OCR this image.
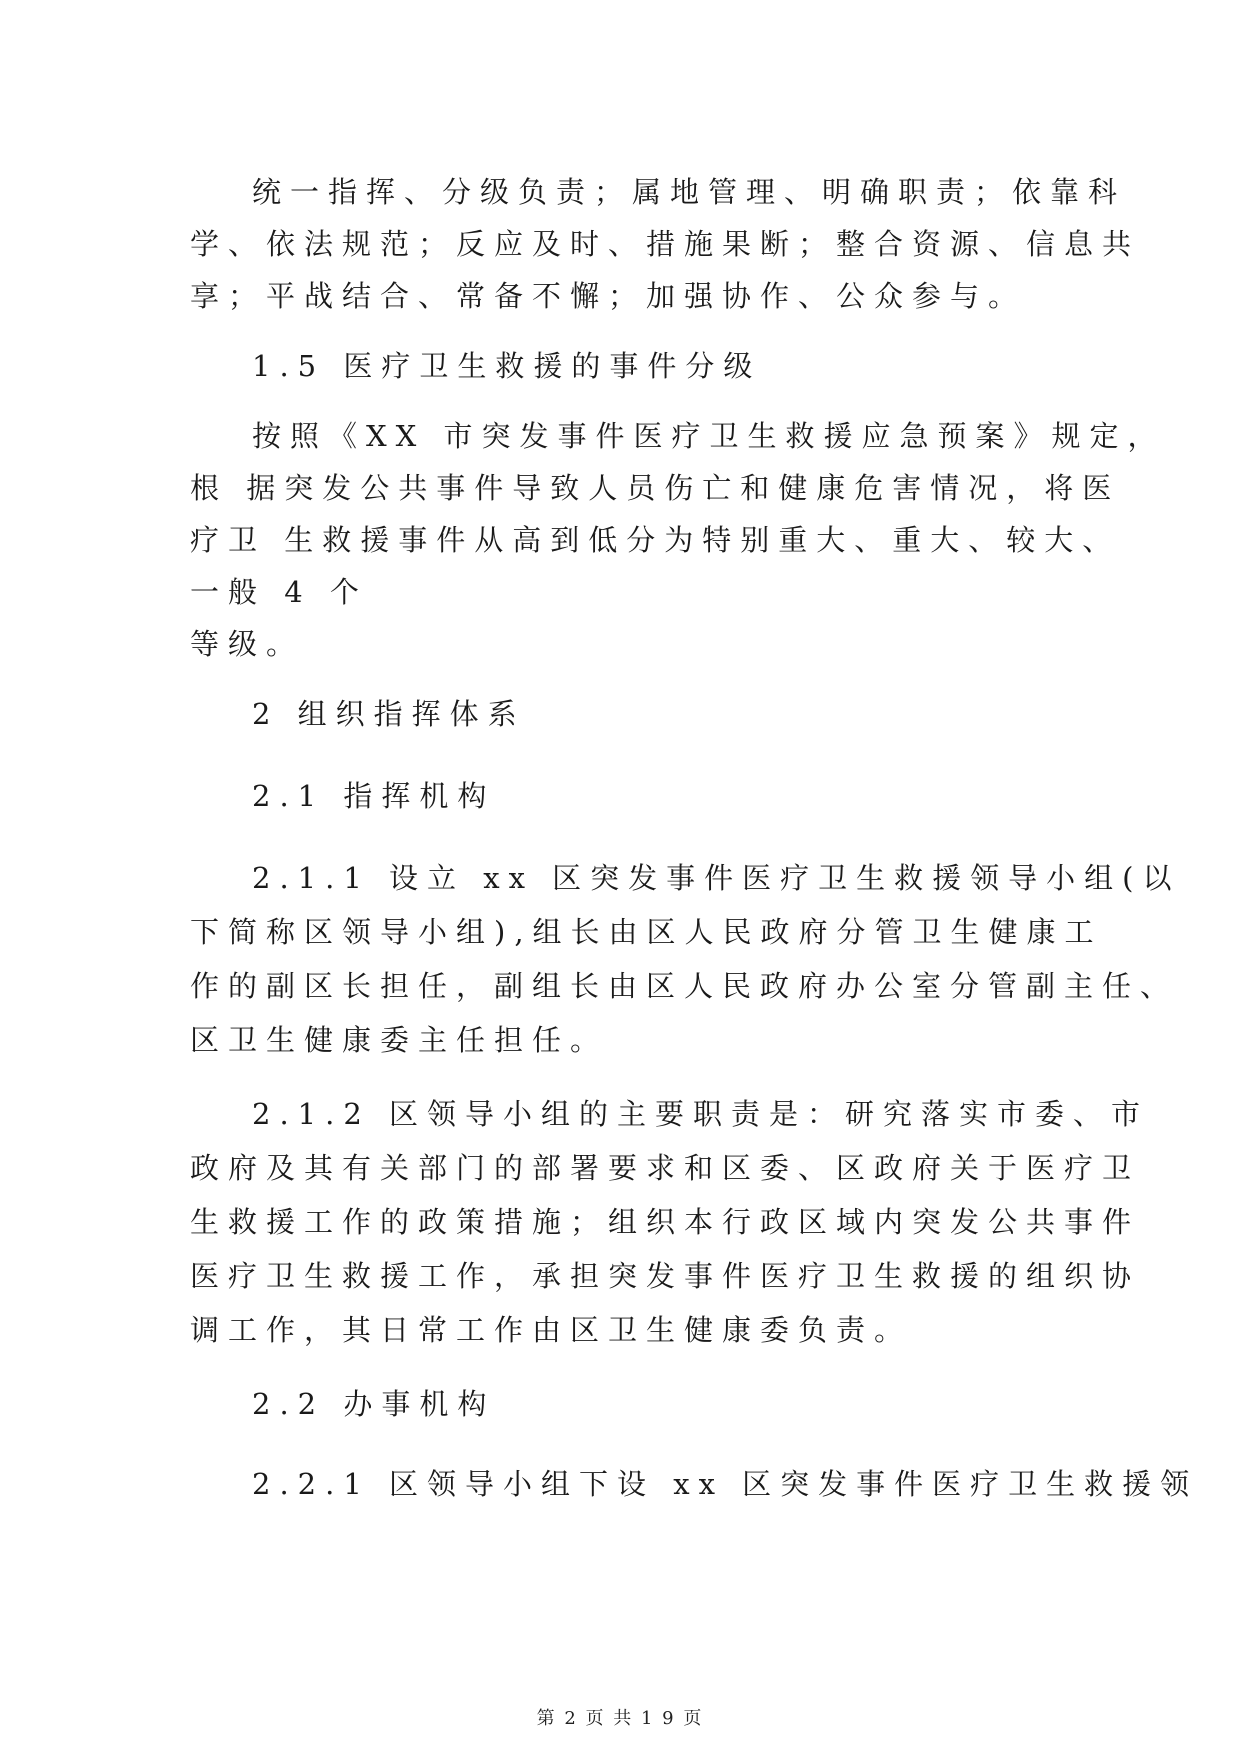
统一指挥、分级负责；属地管理、明确职责；依靠科

学、依法规范；反应及时、措施果断；整合资源、信息共

享；平战结合、常备不懈；加强协作、公众参与。

1.5 医疗卫生救援的事件分级

按照《XX 市突发事件医疗卫生救援应急预案》规定，

根 据突发公共事件导致人员伤亡和健康危害情况，将医

疗卫 生救援事件从高到低分为特别重大、重大、较大、

一般 4 个

等级。

2 组织指挥体系

2.1 指挥机构

2.1.1 设立 xx 区突发事件医疗卫生救援领导小组(以

下简称区领导小组),组长由区人民政府分管卫生健康工

作的副区长担任，副组长由区人民政府办公室分管副主任、

区卫生健康委主任担任。

2.1.2 区领导小组的主要职责是：研究落实市委、市

政府及其有关部门的部署要求和区委、区政府关于医疗卫

生救援工作的政策措施；组织本行政区域内突发公共事件

医疗卫生救援工作，承担突发事件医疗卫生救援的组织协

调工作，其日常工作由区卫生健康委负责。

2.2 办事机构

2.2.1 区领导小组下设 xx 区突发事件医疗卫生救援领

第 2 页 共 1 9 页
